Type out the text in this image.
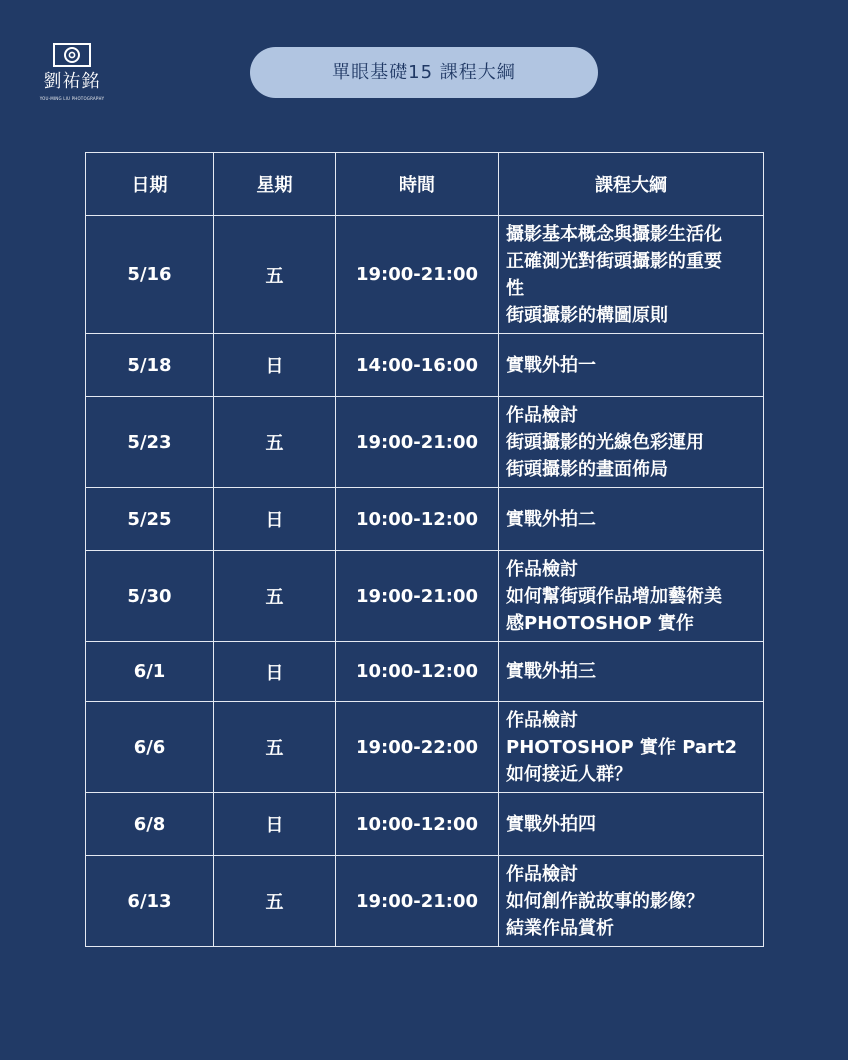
劉祐銘
YOU-MING LIU PHOTOGRAPHY
單眼基礎15 課程大綱
日期	星期	時間	課程大綱
5/16	五	19:00-21:00	攝影基本概念與攝影生活化
正確測光對街頭攝影的重要
性
街頭攝影的構圖原則

5/18	日	14:00-16:00	實戰外拍一

5/23	五	19:00-21:00	作品檢討
街頭攝影的光線色彩運用
街頭攝影的畫面佈局

5/25	日	10:00-12:00	實戰外拍二

5/30	五	19:00-21:00	作品檢討
如何幫街頭作品增加藝術美
感PHOTOSHOP 實作

6/1	日	10:00-12:00	實戰外拍三

6/6	五	19:00-22:00	作品檢討
PHOTOSHOP 實作 Part2
如何接近人群？

6/8	日	10:00-12:00	實戰外拍四

6/13	五	19:00-21:00	作品檢討
如何創作說故事的影像？
結業作品賞析
